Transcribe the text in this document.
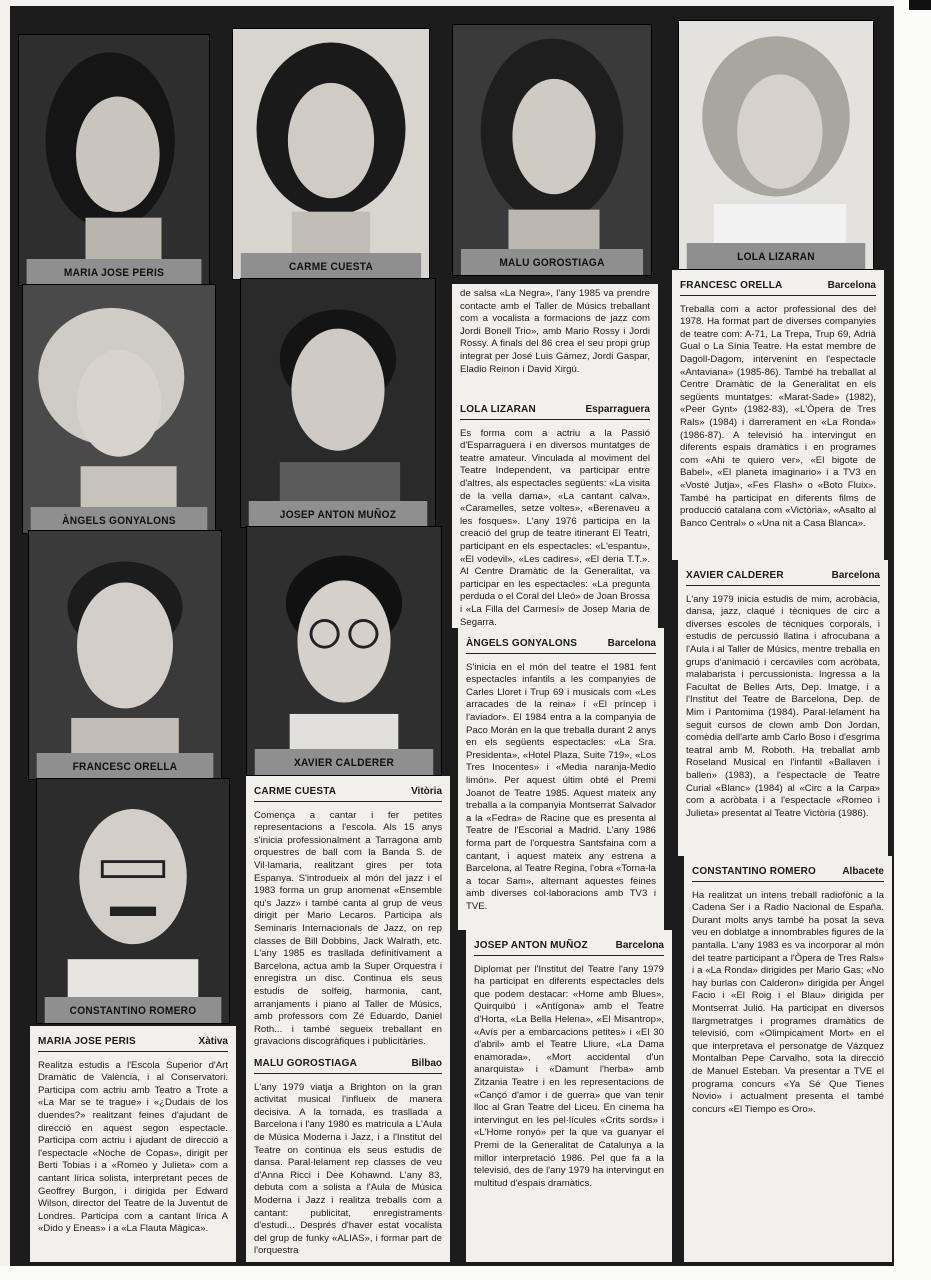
MARIA JOSE PERIS	CARME CUESTA	MALU GOROSTIAGA	LOLA LIZARAN
ÀNGELS GONYALONS	JOSEP ANTON MUÑOZ
FRANCESC ORELLA	XAVIER CALDERER
CONSTANTINO ROMERO
MARIA JOSE PERIS	Xàtiva

Realitza estudis a l'Escola Superior d'Art Dramàtic de València, i al Conservatori. Participa com actriu amb Teatro a Trote a «La Mar se te trague» i «¿Dudais de los duendes?» realitzant feines d'ajudant de direcció en aquest segon espectacle. Participa com actriu i ajudant de direcció a l'espectacle «Noche de Copas», dirigit per Berti Tobias i a «Romeo y Julieta» com a cantant lírica solista, interpretant peces de Geoffrey Burgon, i dirigida per Edward Wilson, director del Teatre de la Juventut de Londres. Participa com a cantant lírica A «Dido y Eneas» i a «La Flauta Màgica».

CARME CUESTA	Vitòria

Comença a cantar i fer petites representacions a l'escola. Als 15 anys s'inicia professionalment a Tarragona amb orquestres de ball com la Banda S. de Vil·lamaria, realitzant gires per tota Espanya. S'introdueix al món del jazz i el 1983 forma un grup anomenat «Ensemble qu's Jazz» i també canta al grup de veus dirigit per Mario Lecaros. Participa als Seminaris Internacionals de Jazz, on rep classes de Bill Dobbins, Jack Walrath, etc. L'any 1985 es trasllada definitivament a Barcelona, actua amb la Super Orquestra i enregistra un disc. Continua els seus estudis de solfeig, harmonia, cant, arranjaments i piano al Taller de Músics, amb professors com Zé Eduardo, Daniel Roth... i també segueix treballant en gravacions discogràfiques i publicitàries.

MALU GOROSTIAGA	Bilbao

L'any 1979 viatja a Brighton on la gran activitat musical l'influeix de manera decisiva. A la tornada, es trasllada a Barcelona i l'any 1980 es matricula a L'Aula de Música Moderna i Jazz, i a l'Institut del Teatre on continua els seus estudis de dansa. Paral·lelament rep classes de veu d'Anna Ricci i Dee Kohawnd. L'any 83, debuta com a solista a l'Aula de Música Moderna i Jazz i realitza treballs com a cantant: publicitat, enregistraments d'estudi... Després d'haver estat vocalista del grup de funky «ALIAS», i formar part de l'orquestra

de salsa «La Negra», l'any 1985 va prendre contacte amb el Taller de Músics treballant com a vocalista a formacions de jazz com Jordi Bonell Trio», amb Mario Rossy i Jordi Rossy. A finals del 86 crea el seu propi grup integrat per José Luis Gámez, Jordi Gaspar, Eladio Reinon i David Xirgú.

LOLA LIZARAN	Esparraguera

Es forma com a actriu a la Passió d'Esparraguera i en diversos muntatges de teatre amateur. Vinculada al moviment del Teatre Independent, va participar entre d'altres, als espectacles següents: «La visita de la vella dama», «La cantant calva», «Caramelles, setze voltes», «Berenaveu a les fosques». L'any 1976 participa en la creació del grup de teatre itinerant El Teatri, participant en els espectacles: «L'espantu», «El vodevil», «Les cadires», «El deria T.T.». Al Centre Dramàtic de la Generalitat, va participar en les espectacles: «La pregunta perduda o el Coral del Lleó» de Joan Brossa i «La Filla del Carmesí» de Josep Maria de Segarra.

ÀNGELS GONYALONS	Barcelona

S'inicia en el món del teatre el 1981 fent espectacles infantils a les companyies de Carles Lloret i Trup 69 i musicals com «Les arracades de la reina» i «El príncep i l'aviador». El 1984 entra a la companyia de Paco Morán en la que treballa durant 2 anys en els següents espectacles: «La Sra. Presidenta», «Hotel Plaza, Suite 719», «Los Tres Inocentes» i «Media naranja-Medio limón». Per aquest últim obté el Premi Joanot de Teatre 1985. Aquest mateix any treballa a la companyia Montserrat Salvador a la «Fedra» de Racine que es presenta al Teatre de l'Escorial a Madrid. L'any 1986 forma part de l'orquestra Santsfaina com a cantant, i aquest mateix any estrena a Barcelona, al Teatre Regina, l'obra «Torna-la a tocar Sam», alternant aquestes feines amb diverses col·laboracions amb TV3 i TVE.

JOSEP ANTON MUÑOZ	Barcelona

Diplomat per l'Institut del Teatre l'any 1979 ha participat en diferents espectacles dels que podem destacar: «Home amb Blues», Quirquibú i «Antígona» amb el Teatre d'Horta, «La Bella Helena», «El Misantrop», «Avís per a embarcacions petites» i «El 30 d'abril» amb el Teatre Lliure, «La Dama enamorada», «Mort accidental d'un anarquista» i «Damunt l'herba» amb Zitzania Teatre i en les representacions de «Cançó d'amor i de guerra» que van tenir lloc al Gran Teatre del Liceu. En cinema ha intervingut en les pel·lícules «Crits sords» i «L'Home ronyó» per la que va guanyar el Premi de la Generalitat de Catalunya a la millor interpretació 1986. Pel que fa a la televisió, des de l'any 1979 ha intervingut en multitud d'espais dramàtics.

FRANCESC ORELLA	Barcelona

Treballa com a actor professional des del 1978. Ha format part de diverses companyies de teatre com: A-71, La Trepa, Trup 69, Adrià Gual o La Sínia Teatre. Ha estat membre de Dagoll-Dagom, intervenint en l'espectacle «Antaviana» (1985-86). També ha treballat al Centre Dramàtic de la Generalitat en els següents muntatges: «Marat-Sade» (1982), «Peer Gynt» (1982-83), «L'Òpera de Tres Rals» (1984) i darrerament en «La Ronda» (1986-87). A televisió ha intervingut en diferents espais dramàtics i en programes com «Ahi te quiero ver», «El bigote de Babel», «El planeta imaginario» i a TV3 en «Vosté Jutja», «Fes Flash» o «Boto Fluix». També ha participat en diferents films de producció catalana com «Victòria», «Asalto al Banco Central» o «Una nit a Casa Blanca».

XAVIER CALDERER	Barcelona

L'any 1979 inicia estudis de mim, acrobàcia, dansa, jazz, claqué i tècniques de circ a diverses escoles de tècniques corporals, i estudis de percussió llatina i afrocubana a l'Aula i al Taller de Músics, mentre treballa en grups d'animació i cercaviles com acròbata, malabarista i percussionista. Ingressa a la Facultat de Belles Arts, Dep. Imatge, i a l'Institut del Teatre de Barcelona, Dep. de Mim i Pantomima (1984). Paral·lelament ha seguit cursos de clown amb Don Jordan, comèdia dell'arte amb Carlo Boso i d'esgrima teatral amb M. Roboth. Ha treballat amb Roseland Musical en l'infantil «Ballaven i ballen» (1983), a l'espectacle de Teatre Curial «Blanc» (1984) al «Circ a la Carpa» com a acròbata i a l'espectacle «Romeo i Julieta» presentat al Teatre Victòria (1986).

CONSTANTINO ROMERO	Albacete

Ha realitzat un intens treball radiofònic a la Cadena Ser i a Radio Nacional de España. Durant molts anys també ha posat la seva veu en doblatge a innombrables figures de la pantalla. L'any 1983 es va incorporar al món del teatre participant a l'Òpera de Tres Rals» i a «La Ronda» dirigides per Mario Gas; «No hay burlas con Calderon» dirigida per Àngel Facio i «El Roig i el Blau» dirigida per Montserrat Julió. Ha participat en diversos llargmetratges i programes dramàtics de televisió, com «Olimpicament Mort» en el que interpretava el personatge de Vázquez Montalban Pepe Carvalho, sota la direcció de Manuel Esteban. Va presentar a TVE el programa concurs «Ya Sé Que Tienes Novio» i actualment presenta el també concurs «El Tiempo es Oro».
